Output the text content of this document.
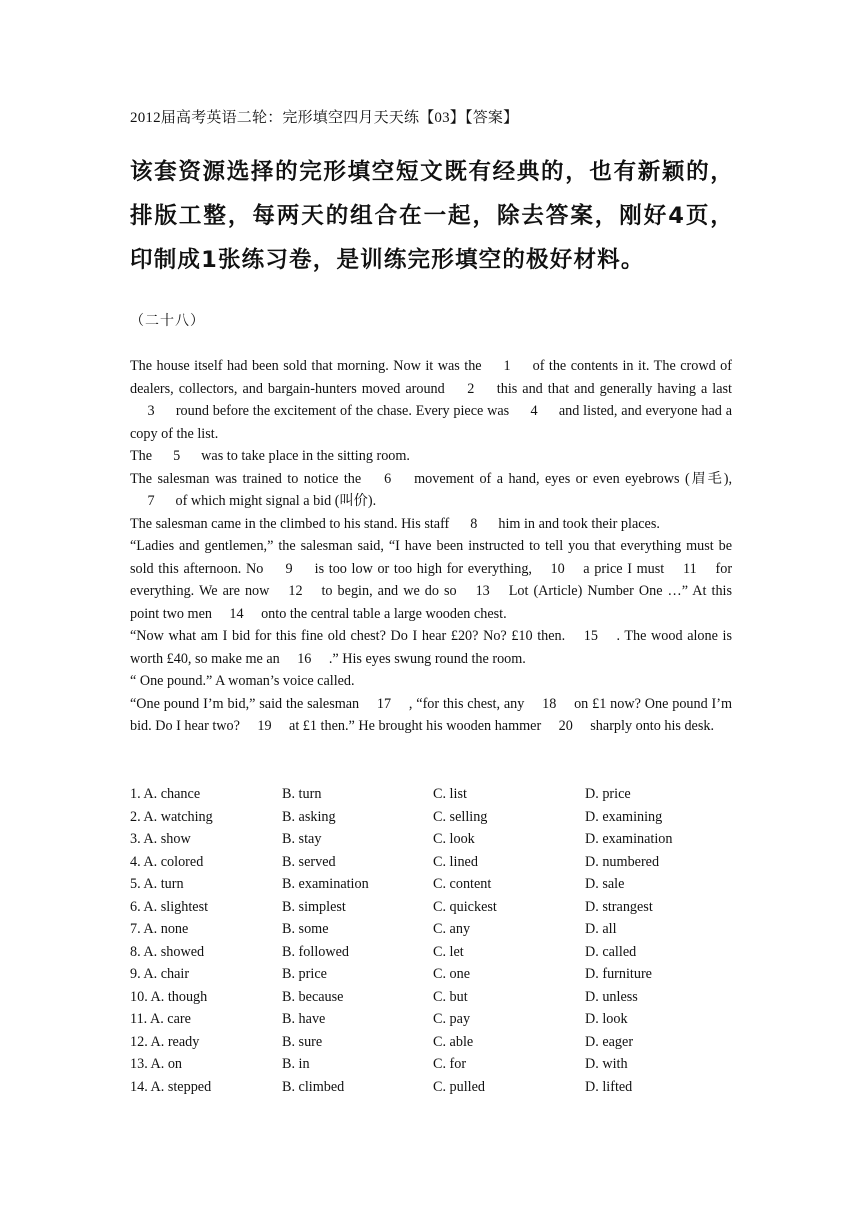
2012届高考英语二轮：完形填空四月天天练【03】【答案】
该套资源选择的完形填空短文既有经典的，也有新颖的，排版工整，每两天的组合在一起，除去答案，刚好4页，印制成1张练习卷，是训练完形填空的极好材料。
（二十八）

The house itself had been sold that morning. Now it was the 1 of the contents in it. The crowd of dealers, collectors, and bargain-hunters moved around 2 this and that and generally having a last 3 round before the excitement of the chase. Every piece was 4 and listed, and everyone had a copy of the list.

The 5 was to take place in the sitting room.

The salesman was trained to notice the 6 movement of a hand, eyes or even eyebrows (眉毛), 7 of which might signal a bid (叫价).

The salesman came in the climbed to his stand. His staff 8 him in and took their places.

“Ladies and gentlemen,” the salesman said, “I have been instructed to tell you that everything must be sold this afternoon. No 9 is too low or too high for everything, 10 a price I must 11 for everything. We are now 12 to begin, and we do so 13 Lot (Article) Number One …” At this point two men 14 onto the central table a large wooden chest.

“Now what am I bid for this fine old chest? Do I hear £20? No? £10 then. 15 . The wood alone is worth £40, so make me an 16 .” His eyes swung round the room.

“ One pound.” A woman’s voice called.

“One pound I’m bid,” said the salesman 17 , “for this chest, any 18 on £1 now? One pound I’m bid. Do I hear two? 19 at £1 then.” He brought his wooden hammer 20 sharply onto his desk.

1. A. chance	B. turn	C. list	D. price
2. A. watching	B. asking	C. selling	D. examining
3. A. show	B. stay	C. look	D. examination
4. A. colored	B. served	C. lined	D. numbered
5. A. turn	B. examination	C. content	D. sale
6. A. slightest	B. simplest	C. quickest	D. strangest
7. A. none	B. some	C. any	D. all
8. A. showed	B. followed	C. let	D. called
9. A. chair	B. price	C. one	D. furniture
10. A. though	B. because	C. but	D. unless
11. A. care	B. have	C. pay	D. look
12. A. ready	B. sure	C. able	D. eager
13. A. on	B. in	C. for	D. with
14. A. stepped	B. climbed	C. pulled	D. lifted
